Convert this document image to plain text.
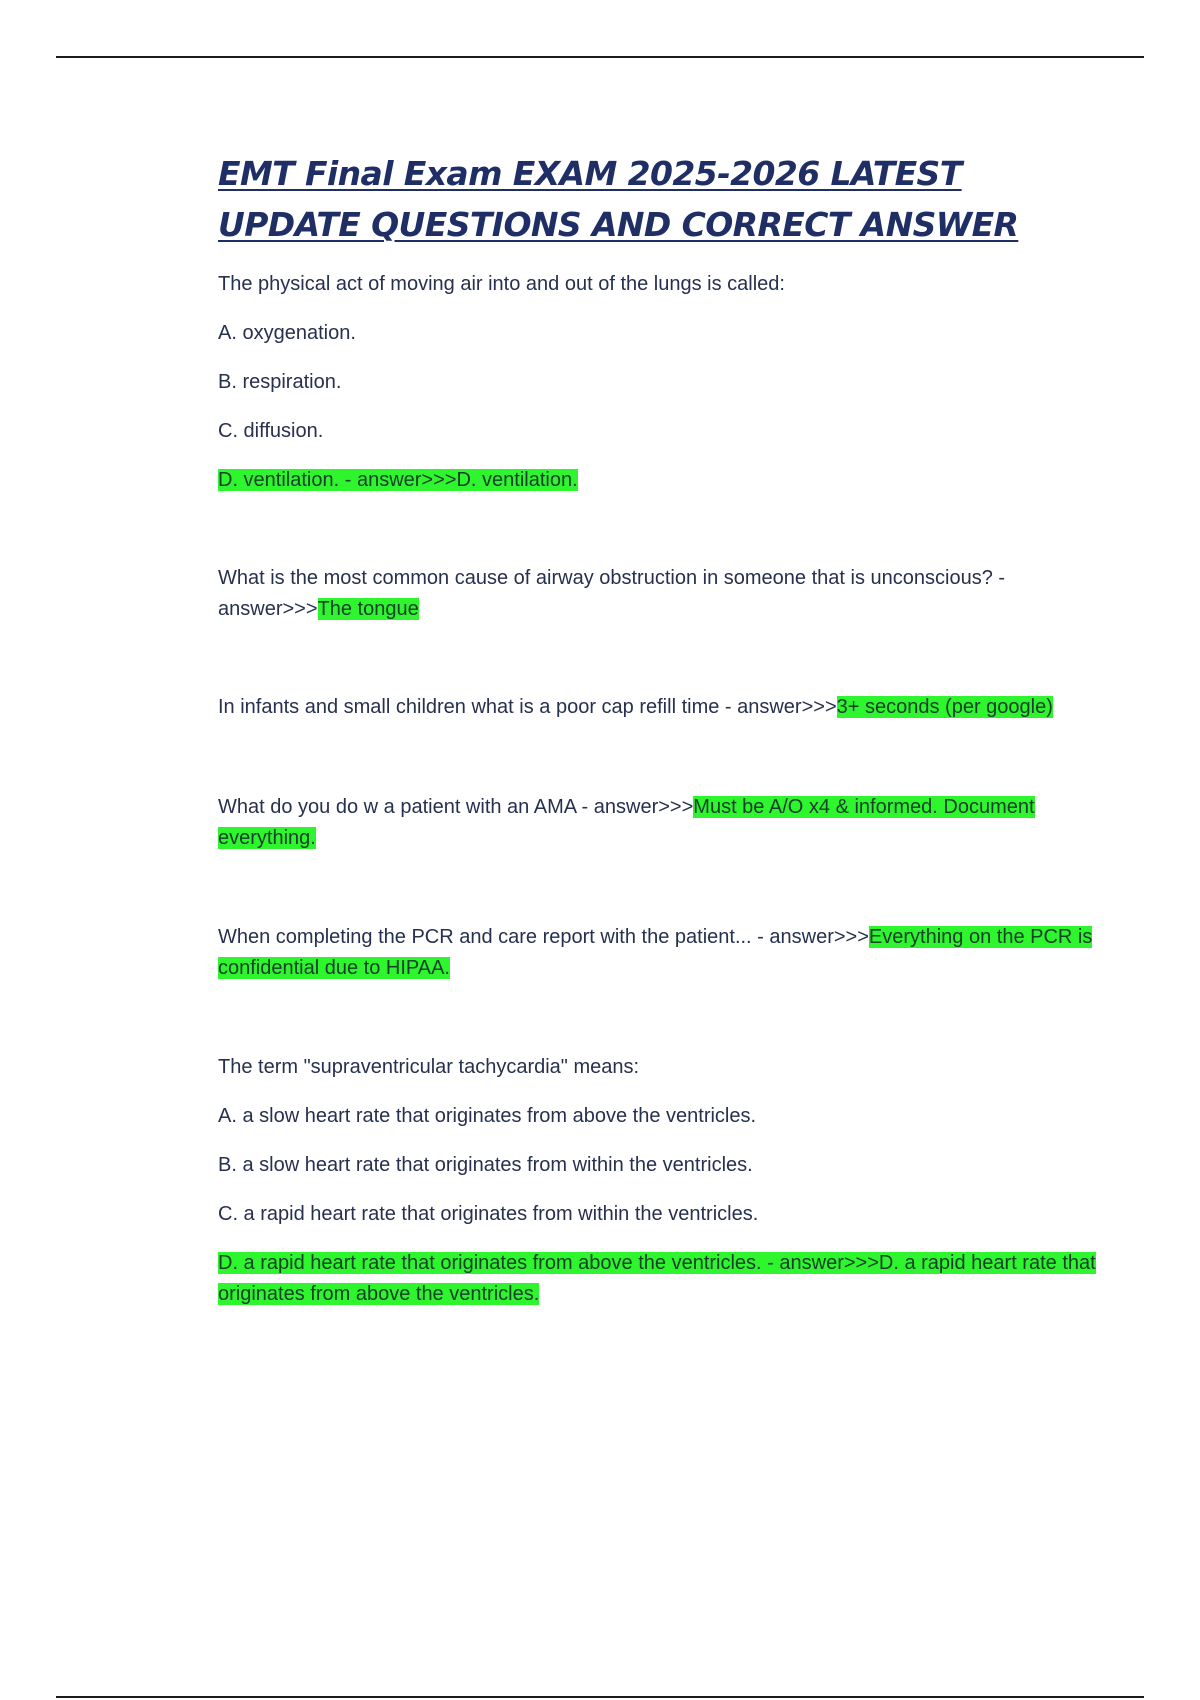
EMT Final Exam EXAM 2025-2026 LATEST UPDATE QUESTIONS AND CORRECT ANSWER

The physical act of moving air into and out of the lungs is called:

A. oxygenation.

B. respiration.

C. diffusion.

D. ventilation. - answer>>>D. ventilation.

What is the most common cause of airway obstruction in someone that is unconscious? - answer>>>The tongue

In infants and small children what is a poor cap refill time - answer>>>3+ seconds (per google)

What do you do w a patient with an AMA - answer>>>Must be A/O x4 & informed. Document everything.

When completing the PCR and care report with the patient... - answer>>>Everything on the PCR is confidential due to HIPAA.

The term "supraventricular tachycardia" means:

A. a slow heart rate that originates from above the ventricles.

B. a slow heart rate that originates from within the ventricles.

C. a rapid heart rate that originates from within the ventricles.

D. a rapid heart rate that originates from above the ventricles. - answer>>>D. a rapid heart rate that originates from above the ventricles.
